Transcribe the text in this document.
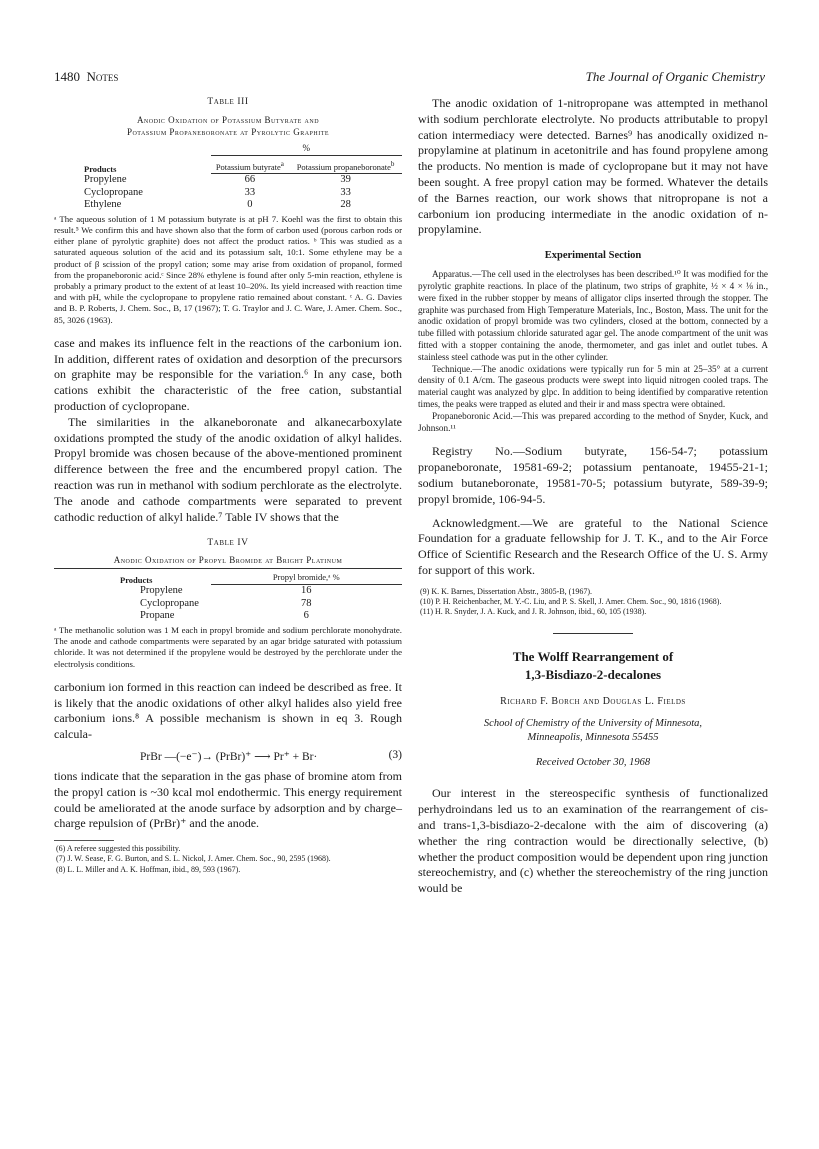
1480 Notes	The Journal of Organic Chemistry

Table III

Anodic Oxidation of Potassium Butyrate and

Potassium Propaneboronate at Pyrolytic Graphite

	%	
Products	Potassium butyrate$^a$	Potassium propaneboronate$^b$
Propylene	66	39
Cyclopropane	33	33
Ethylene	0	28

ᵃ The aqueous solution of 1 M potassium butyrate is at pH 7. Koehl was the first to obtain this result.⁵ We confirm this and have shown also that the form of carbon used (porous carbon rods or either plane of pyrolytic graphite) does not affect the product ratios. ᵇ This was studied as a saturated aqueous solution of the acid and its potassium salt, 10:1. Some ethylene may be a product of β scission of the propyl cation; some may arise from oxidation of propanol, formed from the propaneboronic acid.ᶜ Since 28% ethylene is found after only 5-min reaction, ethylene is probably a primary product to the extent of at least 10–20%. Its yield increased with reaction time and with pH, while the cyclopropane to propylene ratio remained about constant. ᶜ A. G. Davies and B. P. Roberts, J. Chem. Soc., B, 17 (1967); T. G. Traylor and J. C. Ware, J. Amer. Chem. Soc., 85, 3026 (1963).

case and makes its influence felt in the reactions of the carbonium ion. In addition, different rates of oxidation and desorption of the precursors on graphite may be responsible for the variation.⁶ In any case, both cations exhibit the characteristic of the free cation, substantial production of cyclopropane.

The similarities in the alkaneboronate and alkanecarboxylate oxidations prompted the study of the anodic oxidation of alkyl halides. Propyl bromide was chosen because of the above-mentioned prominent difference between the free and the encumbered propyl cation. The reaction was run in methanol with sodium perchlorate as the electrolyte. The anode and cathode compartments were separated to prevent cathodic reduction of alkyl halide.⁷ Table IV shows that the

Table IV

Anodic Oxidation of Propyl Bromide at Bright Platinum

Products	Propyl bromide,ᵃ %
Propylene	16
Cyclopropane	78
Propane	6

ᵃ The methanolic solution was 1 M each in propyl bromide and sodium perchlorate monohydrate. The anode and cathode compartments were separated by an agar bridge saturated with potassium chloride. It was not determined if the propylene would be destroyed by the perchlorate under the electrolysis conditions.

carbonium ion formed in this reaction can indeed be described as free. It is likely that the anodic oxidations of other alkyl halides also yield free carbonium ions.⁸ A possible mechanism is shown in eq 3. Rough calcula-

PrBr —(−e⁻)→ (PrBr)⁺ ⟶ Pr⁺ + Br·	(3)

tions indicate that the separation in the gas phase of bromine atom from the propyl cation is ~30 kcal mol endothermic. This energy requirement could be ameliorated at the anode surface by adsorption and by charge–charge repulsion of (PrBr)⁺ and the anode.

(6) A referee suggested this possibility.

(7) J. W. Sease, F. G. Burton, and S. L. Nickol, J. Amer. Chem. Soc., 90, 2595 (1968).

(8) L. L. Miller and A. K. Hoffman, ibid., 89, 593 (1967).

The anodic oxidation of 1-nitropropane was attempted in methanol with sodium perchlorate electrolyte. No products attributable to propyl cation intermediacy were detected. Barnes⁹ has anodically oxidized n-propylamine at platinum in acetonitrile and has found propylene among the products. No mention is made of cyclopropane but it may not have been sought. A free propyl cation may be formed. Whatever the details of the Barnes reaction, our work shows that nitropropane is not a carbonium ion producing intermediate in the anodic oxidation of n-propylamine.

Experimental Section

Apparatus.—The cell used in the electrolyses has been described.¹⁰ It was modified for the pyrolytic graphite reactions. In place of the platinum, two strips of graphite, ½ × 4 × ⅛ in., were fixed in the rubber stopper by means of alligator clips inserted through the stopper. The graphite was purchased from High Temperature Materials, Inc., Boston, Mass. The unit for the anodic oxidation of propyl bromide was two cylinders, closed at the bottom, connected by a tube filled with potassium chloride saturated agar gel. The anode compartment of the unit was fitted with a stopper containing the anode, thermometer, and gas inlet and outlet tubes. A stainless steel cathode was put in the other cylinder.

Technique.—The anodic oxidations were typically run for 5 min at 25–35° at a current density of 0.1 A/cm. The gaseous products were swept into liquid nitrogen cooled traps. The material caught was analyzed by glpc. In addition to being identified by comparative retention times, the peaks were trapped as eluted and their ir and mass spectra were obtained.

Propaneboronic Acid.—This was prepared according to the method of Snyder, Kuck, and Johnson.¹¹

Registry No.—Sodium butyrate, 156-54-7; potassium propaneboronate, 19581-69-2; potassium pentanoate, 19455-21-1; sodium butaneboronate, 19581-70-5; potassium butyrate, 589-39-9; propyl bromide, 106-94-5.

Acknowledgment.—We are grateful to the National Science Foundation for a graduate fellowship for J. T. K., and to the Air Force Office of Scientific Research and the Research Office of the U. S. Army for support of this work.

(9) K. K. Barnes, Dissertation Abstr., 3805-B, (1967).

(10) P. H. Reichenbacher, M. Y.-C. Liu, and P. S. Skell, J. Amer. Chem. Soc., 90, 1816 (1968).

(11) H. R. Snyder, J. A. Kuck, and J. R. Johnson, ibid., 60, 105 (1938).

The Wolff Rearrangement of

1,3-Bisdiazo-2-decalones

Richard F. Borch and Douglas L. Fields

School of Chemistry of the University of Minnesota,

Minneapolis, Minnesota 55455

Received October 30, 1968

Our interest in the stereospecific synthesis of functionalized perhydroindans led us to an examination of the rearrangement of cis- and trans-1,3-bisdiazo-2-decalone with the aim of discovering (a) whether the ring contraction would be directionally selective, (b) whether the product composition would be dependent upon ring junction stereochemistry, and (c) whether the stereochemistry of the ring junction would be
